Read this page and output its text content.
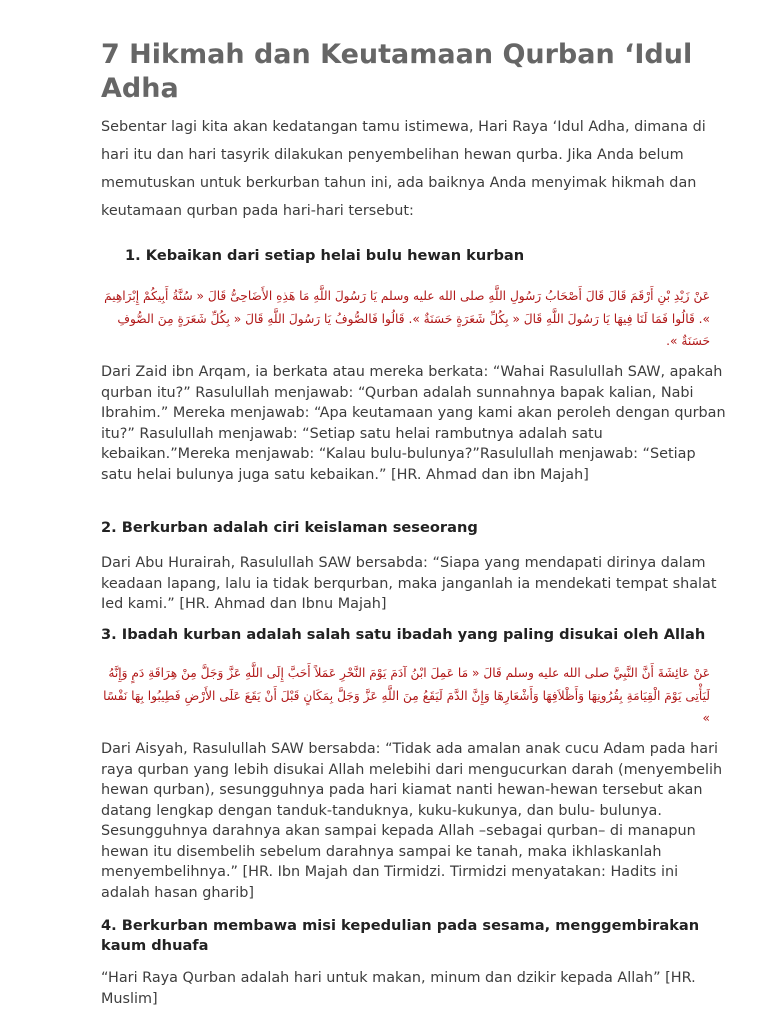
7 Hikmah dan Keutamaan Qurban ‘Idul Adha

Sebentar lagi kita akan kedatangan tamu istimewa, Hari Raya ‘Idul Adha, dimana di hari itu dan hari tasyrik dilakukan penyembelihan hewan qurba. Jika Anda belum memutuskan untuk berkurban tahun ini, ada baiknya Anda menyimak hikmah dan keutamaan qurban pada hari-hari tersebut:

1. Kebaikan dari setiap helai bulu hewan kurban

عَنْ زَيْدِ بْنِ أَرْقَمَ قَالَ قَالَ أَصْحَابُ رَسُولِ اللَّهِ صلى الله عليه وسلم يَا رَسُولَ اللَّهِ مَا هَذِهِ الأَضَاحِىُّ قَالَ « سُنَّةُ أَبِيكُمْ إِبْرَاهِيمَ ». قَالُوا فَمَا لَنَا فِيهَا يَا رَسُولَ اللَّهِ قَالَ « بِكُلِّ شَعَرَةٍ حَسَنَةٌ ». قَالُوا فَالصُّوفُ يَا رَسُولَ اللَّهِ قَالَ « بِكُلِّ شَعَرَةٍ مِنَ الصُّوفِ حَسَنَةٌ ».

Dari Zaid ibn Arqam, ia berkata atau mereka berkata: “Wahai Rasulullah SAW, apakah qurban itu?” Rasulullah menjawab: “Qurban adalah sunnahnya bapak kalian, Nabi Ibrahim.” Mereka menjawab: “Apa keutamaan yang kami akan peroleh dengan qurban itu?” Rasulullah menjawab: “Setiap satu helai rambutnya adalah satu kebaikan.”Mereka menjawab: “Kalau bulu-bulunya?”Rasulullah menjawab: “Setiap satu helai bulunya juga satu kebaikan.” [HR. Ahmad dan ibn Majah]

2. Berkurban adalah ciri keislaman seseorang

Dari Abu Hurairah, Rasulullah SAW bersabda: “Siapa yang mendapati dirinya dalam keadaan lapang, lalu ia tidak berqurban, maka janganlah ia mendekati tempat shalat Ied kami.” [HR. Ahmad dan Ibnu Majah]

3. Ibadah kurban adalah salah satu ibadah yang paling disukai oleh Allah

عَنْ عَائِشَةَ أَنَّ النَّبِيَّ صلى الله عليه وسلم قَالَ « مَا عَمِلَ ابْنُ آدَمَ يَوْمَ النَّحْرِ عَمَلاً أَحَبَّ إِلَى اللَّهِ عَزَّ وَجَلَّ مِنْ هِرَاقَةِ دَمٍ وَإِنَّهُ لَيَأْتِى يَوْمَ الْقِيَامَةِ بِقُرُونِهَا وَأَظْلاَفِهَا وَأَشْعَارِهَا وَإِنَّ الدَّمَ لَيَقَعُ مِنَ اللَّهِ عَزَّ وَجَلَّ بِمَكَانٍ قَبْلَ أَنْ يَقَعَ عَلَى الأَرْضِ فَطِيبُوا بِهَا نَفْسًا »

Dari Aisyah, Rasulullah SAW bersabda: “Tidak ada amalan anak cucu Adam pada hari raya qurban yang lebih disukai Allah melebihi dari mengucurkan darah (menyembelih hewan qurban), sesungguhnya pada hari kiamat nanti hewan-hewan tersebut akan datang lengkap dengan tanduk-tanduknya, kuku-kukunya, dan bulu- bulunya. Sesungguhnya darahnya akan sampai kepada Allah –sebagai qurban– di manapun hewan itu disembelih sebelum darahnya sampai ke tanah, maka ikhlaskanlah menyembelihnya.” [HR. Ibn Majah dan Tirmidzi. Tirmidzi menyatakan: Hadits ini adalah hasan gharib]

4. Berkurban membawa misi kepedulian pada sesama, menggembirakan kaum dhuafa

“Hari Raya Qurban adalah hari untuk makan, minum dan dzikir kepada Allah” [HR. Muslim]
